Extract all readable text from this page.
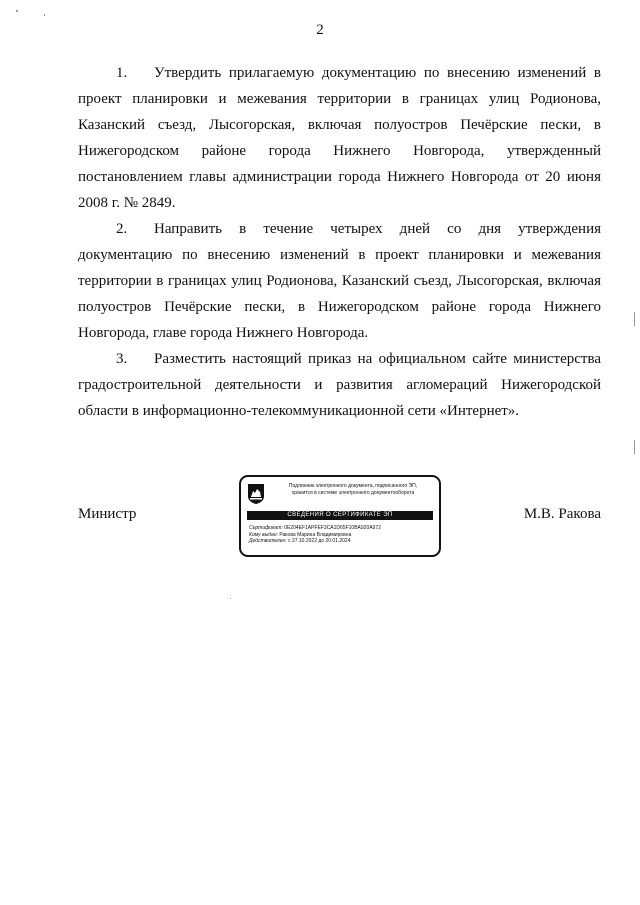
2

1. Утвердить прилагаемую документацию по внесению изменений в проект планировки и межевания территории в границах улиц Родионова, Казанский съезд, Лысогорская, включая полуостров Печёрские пески, в Нижегородском районе города Нижнего Новгорода, утвержденный постановлением главы администрации города Нижнего Новгорода от 20 июня 2008 г. № 2849.

2. Направить в течение четырех дней со дня утверждения документацию по внесению изменений в проект планировки и межевания территории в границах улиц Родионова, Казанский съезд, Лысогорская, включая полуостров Печёрские пески, в Нижегородском районе города Нижнего Новгорода, главе города Нижнего Новгорода.

3. Разместить настоящий приказ на официальном сайте министерства градостроительной деятельности и развития агломераций Нижегородской области в информационно-телекоммуникационной сети «Интернет».

Министр	М.В. Ракова
Подлинник электронного документа, подписанного ЭП,
хранится в системе электронного документооборота
СВЕДЕНИЯ О СЕРТИФИКАТЕ ЭП
Сертификат: 0E204EF1APFEF3CA1D65F10BA920A972
Кому выдан: Ракова Марина Владимировна
Действителен: с 27.10.2022 до 20.01.2024
